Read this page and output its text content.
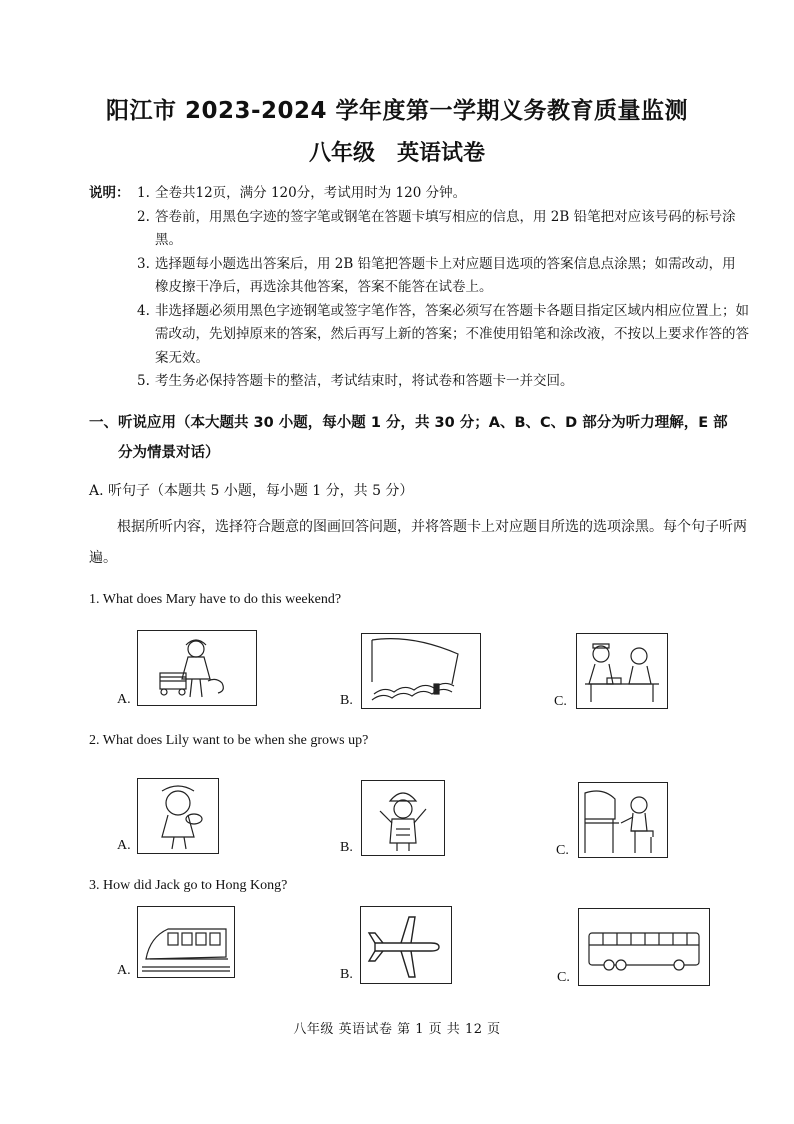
阳江市 2023-2024 学年度第一学期义务教育质量监测
八年级 英语试卷
说明： 1. 全卷共12页，满分 120分，考试用时为 120 分钟。
2. 答卷前，用黑色字迹的签字笔或钢笔在答题卡填写相应的信息，用 2B 铅笔把对应该号码的标号涂黑。
3. 选择题每小题选出答案后，用 2B 铅笔把答题卡上对应题目选项的答案信息点涂黑；如需改动，用橡皮擦干净后，再选涂其他答案，答案不能答在试卷上。
4. 非选择题必须用黑色字迹钢笔或签字笔作答，答案必须写在答题卡各题目指定区域内相应位置上；如需改动，先划掉原来的答案，然后再写上新的答案；不准使用铅笔和涂改液，不按以上要求作答的答案无效。
5. 考生务必保持答题卡的整洁，考试结束时，将试卷和答题卡一并交回。
一、听说应用（本大题共 30 小题，每小题 1 分，共 30 分；A、B、C、D 部分为听力理解，E 部
分为情景对话）
A. 听句子（本题共 5 小题，每小题 1 分，共 5 分）
根据所听内容，选择符合题意的图画回答问题，并将答题卡上对应题目所选的选项涂黑。每个句子听两遍。
1. What does Mary have to do this weekend?
A.	B.	C.
2. What does Lily want to be when she grows up?
A.	B.	C.
3. How did Jack go to Hong Kong?
A.	B.	C.
八年级 英语试卷 第 1 页 共 12 页
